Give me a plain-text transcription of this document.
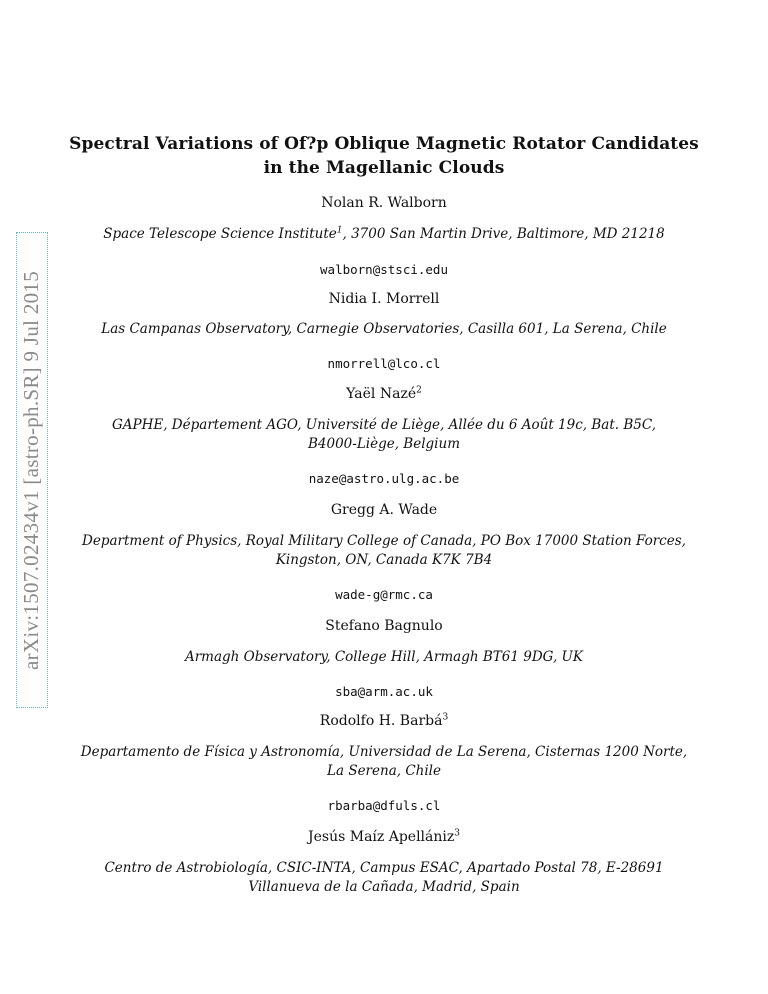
arXiv:1507.02434v1 [astro-ph.SR] 9 Jul 2015
Spectral Variations of Of?p Oblique Magnetic Rotator Candidates
in the Magellanic Clouds
Nolan R. Walborn
Space Telescope Science Institute$^1$, 3700 San Martin Drive, Baltimore, MD 21218
walborn@stsci.edu
Nidia I. Morrell
Las Campanas Observatory, Carnegie Observatories, Casilla 601, La Serena, Chile
nmorrell@lco.cl
Yaël Nazé$^2$
GAPHE, Département AGO, Université de Liège, Allée du 6 Août 19c, Bat. B5C,
B4000-Liège, Belgium
naze@astro.ulg.ac.be
Gregg A. Wade
Department of Physics, Royal Military College of Canada, PO Box 17000 Station Forces,
Kingston, ON, Canada K7K 7B4
wade-g@rmc.ca
Stefano Bagnulo
Armagh Observatory, College Hill, Armagh BT61 9DG, UK
sba@arm.ac.uk
Rodolfo H. Barbá$^3$
Departamento de Física y Astronomía, Universidad de La Serena, Cisternas 1200 Norte,
La Serena, Chile
rbarba@dfuls.cl
Jesús Maíz Apellániz$^3$
Centro de Astrobiología, CSIC-INTA, Campus ESAC, Apartado Postal 78, E-28691
Villanueva de la Cañada, Madrid, Spain
